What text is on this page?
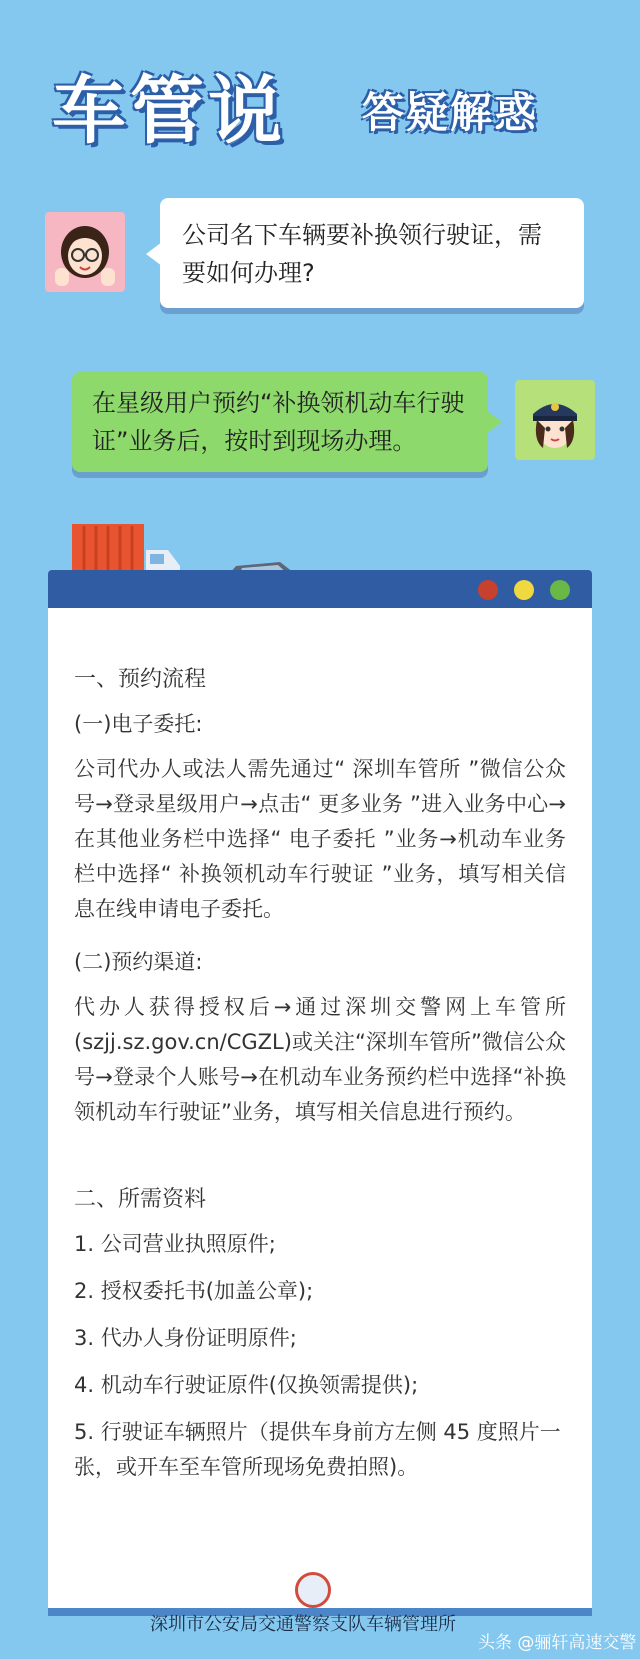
车管说 答疑解惑
公司名下车辆要补换领行驶证，需要如何办理?
在星级用户预约“补换领机动车行驶证”业务后，按时到现场办理。

一、预约流程

(一)电子委托:

公司代办人或法人需先通过“ 深圳车管所 ”微信公众号→登录星级用户→点击“ 更多业务 ”进入业务中心→在其他业务栏中选择“ 电子委托 ”业务→机动车业务栏中选择“ 补换领机动车行驶证 ”业务，填写相关信息在线申请电子委托。

(二)预约渠道:

代办人获得授权后→通过深圳交警网上车管所(szjj.sz.gov.cn/CGZL)或关注“深圳车管所”微信公众号→登录个人账号→在机动车业务预约栏中选择“补换领机动车行驶证”业务，填写相关信息进行预约。

二、所需资料

1. 公司营业执照原件;

2. 授权委托书(加盖公章);

3. 代办人身份证明原件;

4. 机动车行驶证原件(仅换领需提供);

5. 行驶证车辆照片（提供车身前方左侧 45 度照片一张，或开车至车管所现场免费拍照)。

深圳市公安局交通警察支队车辆管理所
头条 @骊轩高速交警
